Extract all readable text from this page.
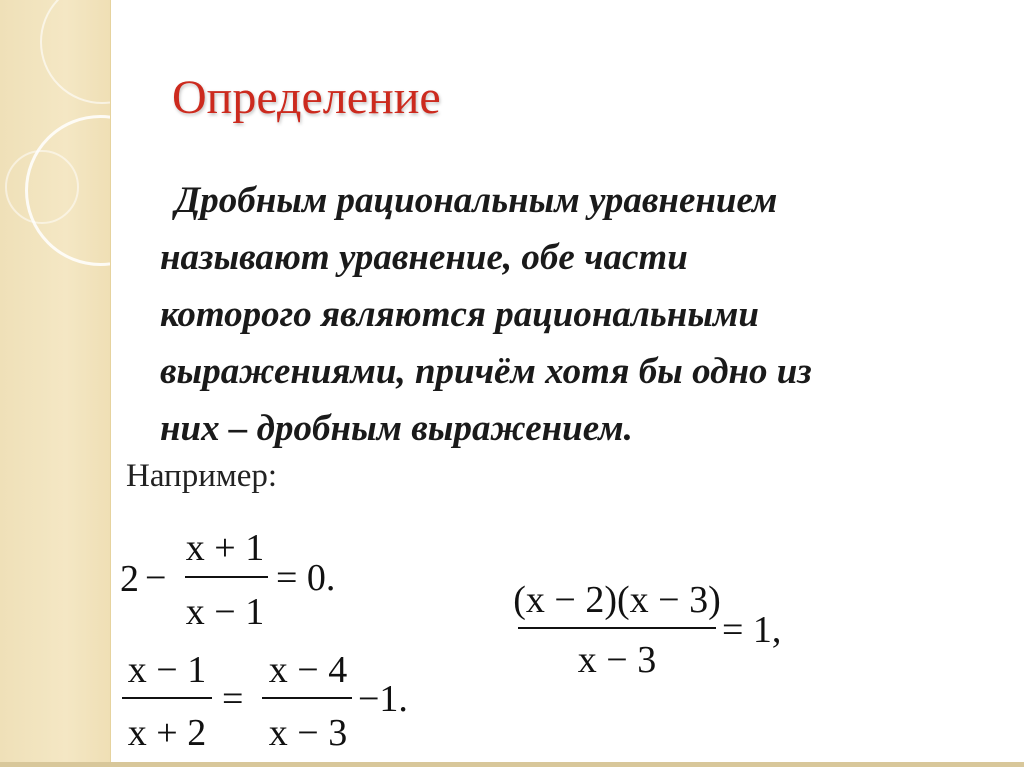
Определение
Дробным рациональным уравнением
называют уравнение, обе части
которого являются рациональными
выражениями, причём хотя бы одно из
них – дробным выражением.
Например:
2 −
x + 1
x − 1
= 0.
x − 1
x + 2
=
x − 4
x − 3
−1.
(x − 2)(x − 3)
x − 3
= 1,
